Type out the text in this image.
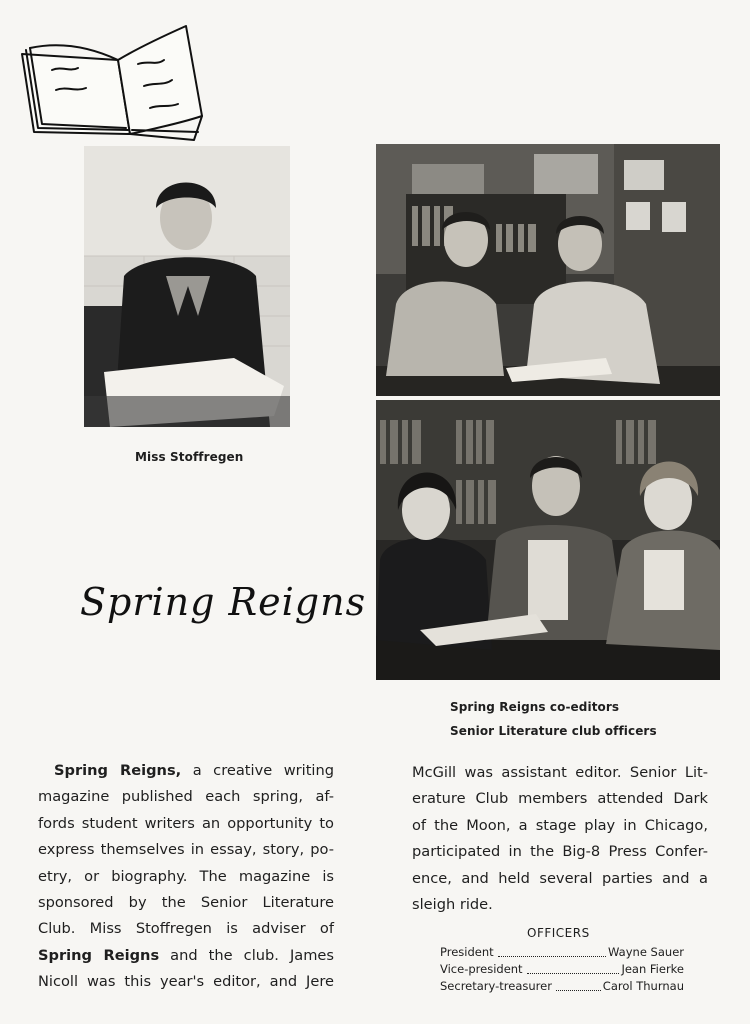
Miss Stoffregen
Spring Reigns co-editors
Senior Literature club officers
Spring Reigns
Spring Reigns, a creative writing
magazine published each spring, af-
fords student writers an opportunity to
express themselves in essay, story, po-
etry, or biography. The magazine is
sponsored by the Senior Literature
Club. Miss Stoffregen is adviser of
Spring Reigns and the club. James
Nicoll was this year's editor, and Jere
McGill was assistant editor. Senior Lit-
erature Club members attended Dark
of the Moon, a stage play in Chicago,
participated in the Big-8 Press Confer-
ence, and held several parties and a
sleigh ride.
OFFICERS
President	Wayne Sauer
Vice-president	Jean Fierke
Secretary-treasurer	Carol Thurnau
